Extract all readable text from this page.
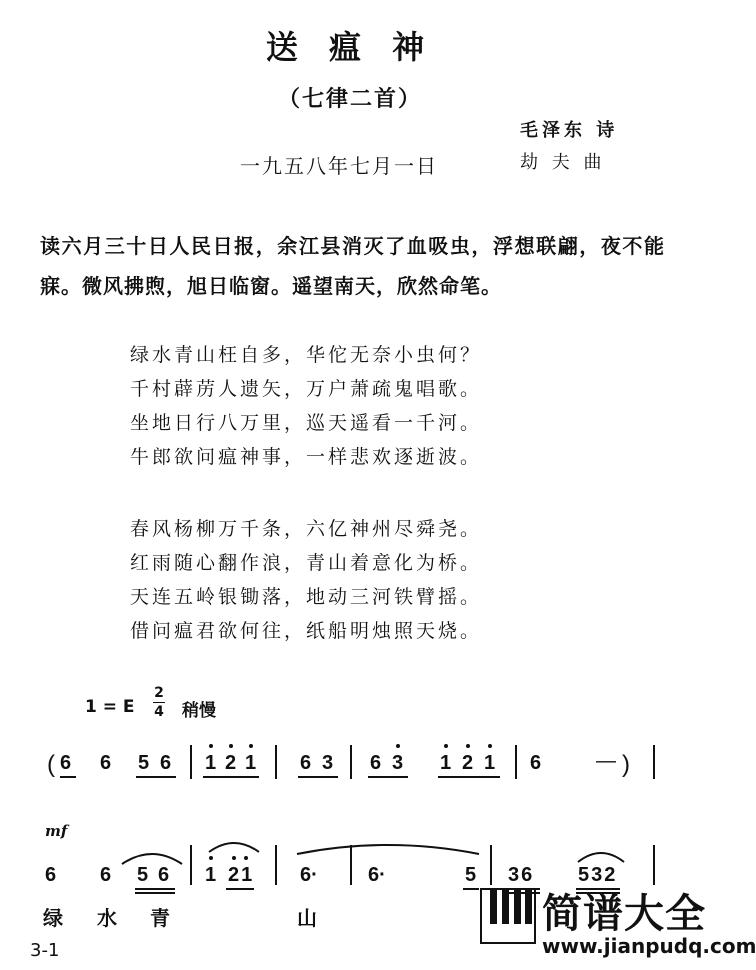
送 瘟 神
（七律二首）
毛泽东 诗
劫 夫 曲
一九五八年七月一日
读六月三十日人民日报，余江县消灭了血吸虫，浮想联翩，夜不能寐。微风拂煦，旭日临窗。遥望南天，欣然命笔。
绿水青山枉自多，华佗无奈小虫何？
千村薜苈人遗矢，万户萧疏鬼唱歌。
坐地日行八万里，巡天遥看一千河。
牛郎欲问瘟神事，一样悲欢逐逝波。
春风杨柳万千条，六亿神州尽舜尧。
红雨随心翻作浪，青山着意化为桥。
天连五岭银锄落，地动三河铁臂摇。
借问瘟君欲何往，纸船明烛照天烧。
1 = E
2
4 稍慢
( 6 6 5 6 1 2 1 6 3 6 3 1 2 1 6	— )
mf
6 6 5 6 1 21 6·	6·	5 36 532
绿 水 青	山
3-1
简谱大全
www.jianpudq.com
